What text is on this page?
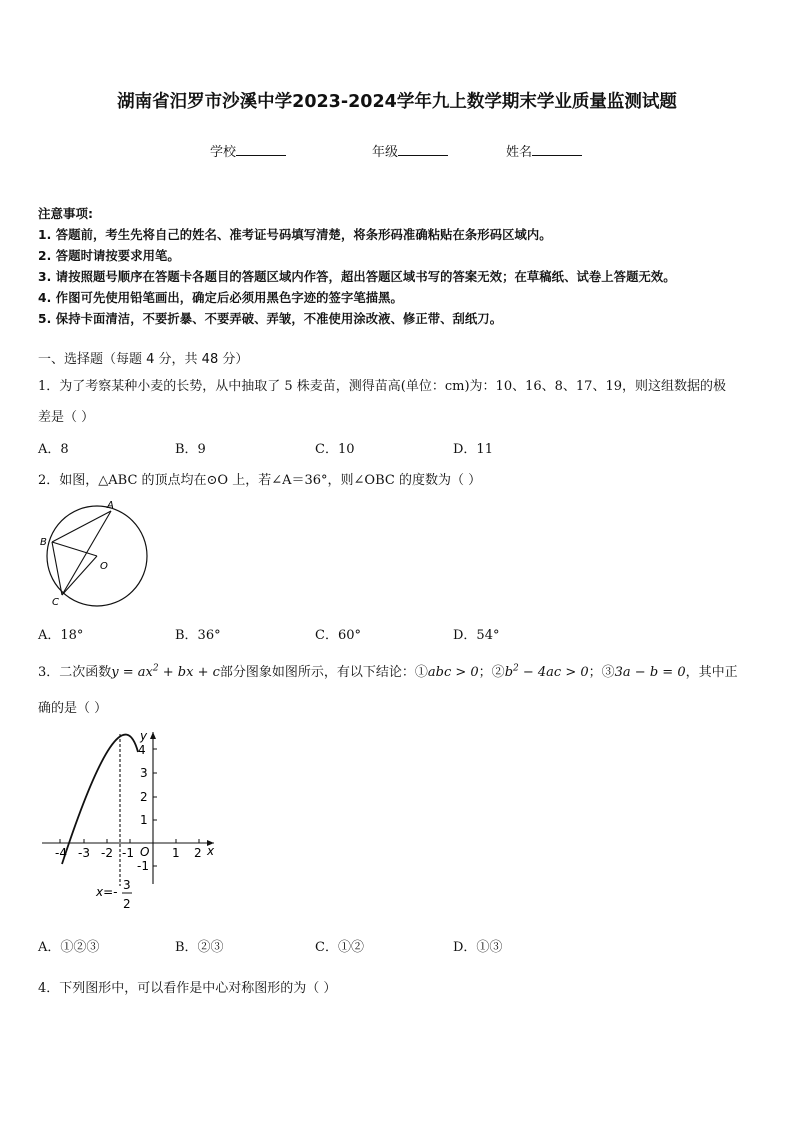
湖南省汨罗市沙溪中学2023-2024学年九上数学期末学业质量监测试题
学校	年级	姓名
注意事项:
1. 答题前，考生先将自己的姓名、准考证号码填写清楚，将条形码准确粘贴在条形码区域内。
2. 答题时请按要求用笔。
3. 请按照题号顺序在答题卡各题目的答题区域内作答，超出答题区域书写的答案无效；在草稿纸、试卷上答题无效。
4. 作图可先使用铅笔画出，确定后必须用黑色字迹的签字笔描黑。
5. 保持卡面清洁，不要折暴、不要弄破、弄皱，不准使用涂改液、修正带、刮纸刀。
一、选择题（每题 4 分，共 48 分）
1．为了考察某种小麦的长势，从中抽取了 5 株麦苗，测得苗高(单位：cm)为：10、16、8、17、19，则这组数据的极
差是（ ）
A．8	B．9	C．10	D．11
2．如图，△ABC 的顶点均在⊙O 上，若∠A＝36°，则∠OBC 的度数为（ ）
A
B
C
O
A．18°	B．36°	C．60°	D．54°
3．二次函数$y = ax^2$ + bx + c部分图象如图所示，有以下结论：①abc > 0；$②b^2 - 4ac > 0$；③3a − b = 0，其中正
确的是（ ）
y
x
O
4
3
2
1
-1
-4 -3 -2 -1	1 2
x=- 3
2
A．①②③	B．②③	C．①②	D．①③
4．下列图形中，可以看作是中心对称图形的为（ ）
